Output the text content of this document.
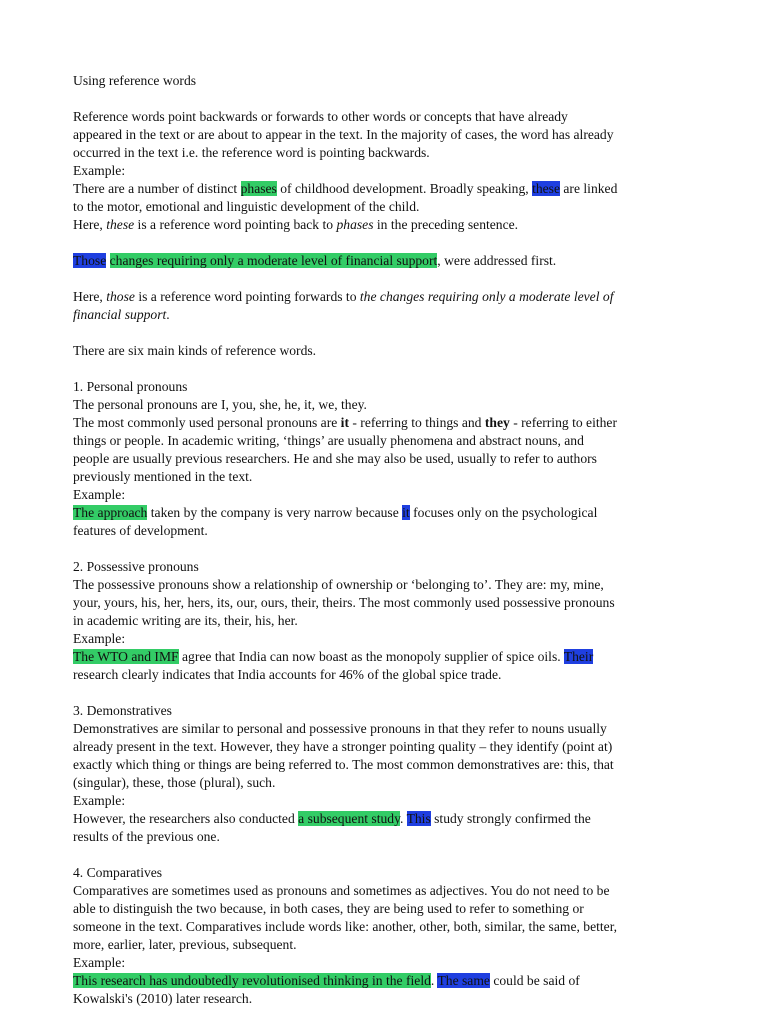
Using reference words
Reference words point backwards or forwards to other words or concepts that have already
appeared in the text or are about to appear in the text. In the majority of cases, the word has already
occurred in the text i.e. the reference word is pointing backwards.
Example:
There are a number of distinct phases of childhood development. Broadly speaking, these are linked
to the motor, emotional and linguistic development of the child.
Here, these is a reference word pointing back to phases in the preceding sentence.
Those changes requiring only a moderate level of financial support, were addressed first.
Here, those is a reference word pointing forwards to the changes requiring only a moderate level of
financial support.
There are six main kinds of reference words.
1. Personal pronouns
The personal pronouns are I, you, she, he, it, we, they.
The most commonly used personal pronouns are it - referring to things and they - referring to either
things or people. In academic writing, ‘things’ are usually phenomena and abstract nouns, and
people are usually previous researchers. He and she may also be used, usually to refer to authors
previously mentioned in the text.
Example:
The approach taken by the company is very narrow because it focuses only on the psychological
features of development.
2. Possessive pronouns
The possessive pronouns show a relationship of ownership or ‘belonging to’. They are: my, mine,
your, yours, his, her, hers, its, our, ours, their, theirs. The most commonly used possessive pronouns
in academic writing are its, their, his, her.
Example:
The WTO and IMF agree that India can now boast as the monopoly supplier of spice oils. Their
research clearly indicates that India accounts for 46% of the global spice trade.
3. Demonstratives
Demonstratives are similar to personal and possessive pronouns in that they refer to nouns usually
already present in the text. However, they have a stronger pointing quality – they identify (point at)
exactly which thing or things are being referred to. The most common demonstratives are: this, that
(singular), these, those (plural), such.
Example:
However, the researchers also conducted a subsequent study. This study strongly confirmed the
results of the previous one.
4. Comparatives
Comparatives are sometimes used as pronouns and sometimes as adjectives. You do not need to be
able to distinguish the two because, in both cases, they are being used to refer to something or
someone in the text. Comparatives include words like: another, other, both, similar, the same, better,
more, earlier, later, previous, subsequent.
Example:
This research has undoubtedly revolutionised thinking in the field. The same could be said of
Kowalski's (2010) later research.
